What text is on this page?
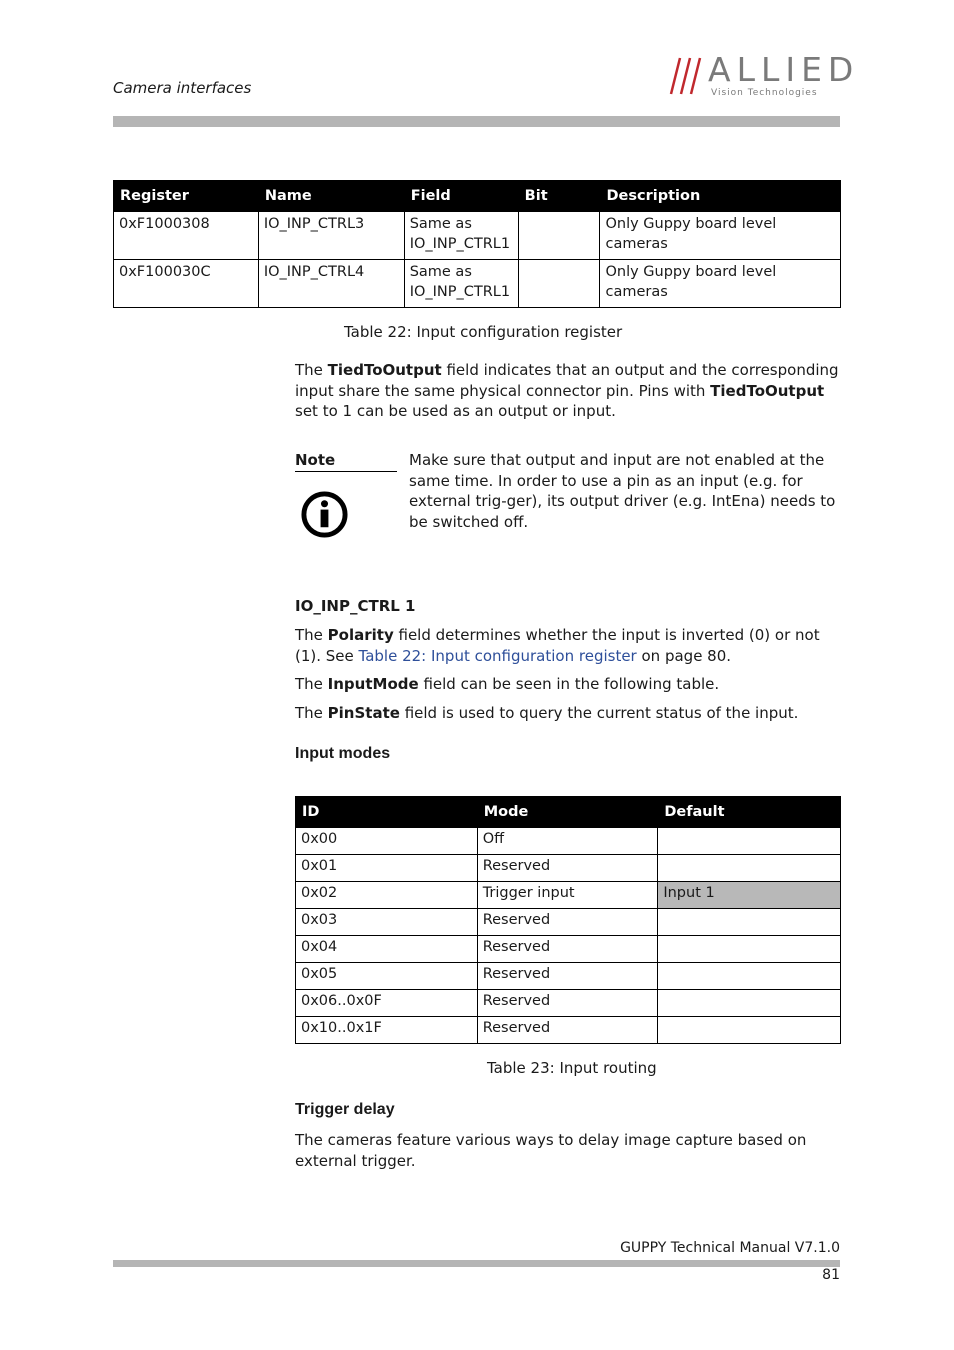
Camera interfaces	ALLIED
Vision Technologies
Register	Name	Field	Bit	Description
0xF1000308	IO_INP_CTRL3	Same as IO_INP_CTRL1		Only Guppy board level cameras
0xF100030C	IO_INP_CTRL4	Same as IO_INP_CTRL1		Only Guppy board level cameras
Table 22: Input configuration register
The TiedToOutput field indicates that an output and the corresponding input share the same physical connector pin. Pins with TiedToOutput set to 1 can be used as an output or input.
Note	Make sure that output and input are not enabled at the same time. In order to use a pin as an input (e.g. for external trig-ger), its output driver (e.g. IntEna) needs to be switched off.
IO_INP_CTRL 1
The Polarity field determines whether the input is inverted (0) or not (1). See Table 22: Input configuration register on page 80.
The InputMode field can be seen in the following table.
The PinState field is used to query the current status of the input.
Input modes
ID	Mode	Default
0x00	Off	
0x01	Reserved	
0x02	Trigger input	Input 1
0x03	Reserved	
0x04	Reserved	
0x05	Reserved	
0x06..0x0F	Reserved	
0x10..0x1F	Reserved	
Table 23: Input routing
Trigger delay
The cameras feature various ways to delay image capture based on external trigger.
GUPPY Technical Manual V7.1.0
81
